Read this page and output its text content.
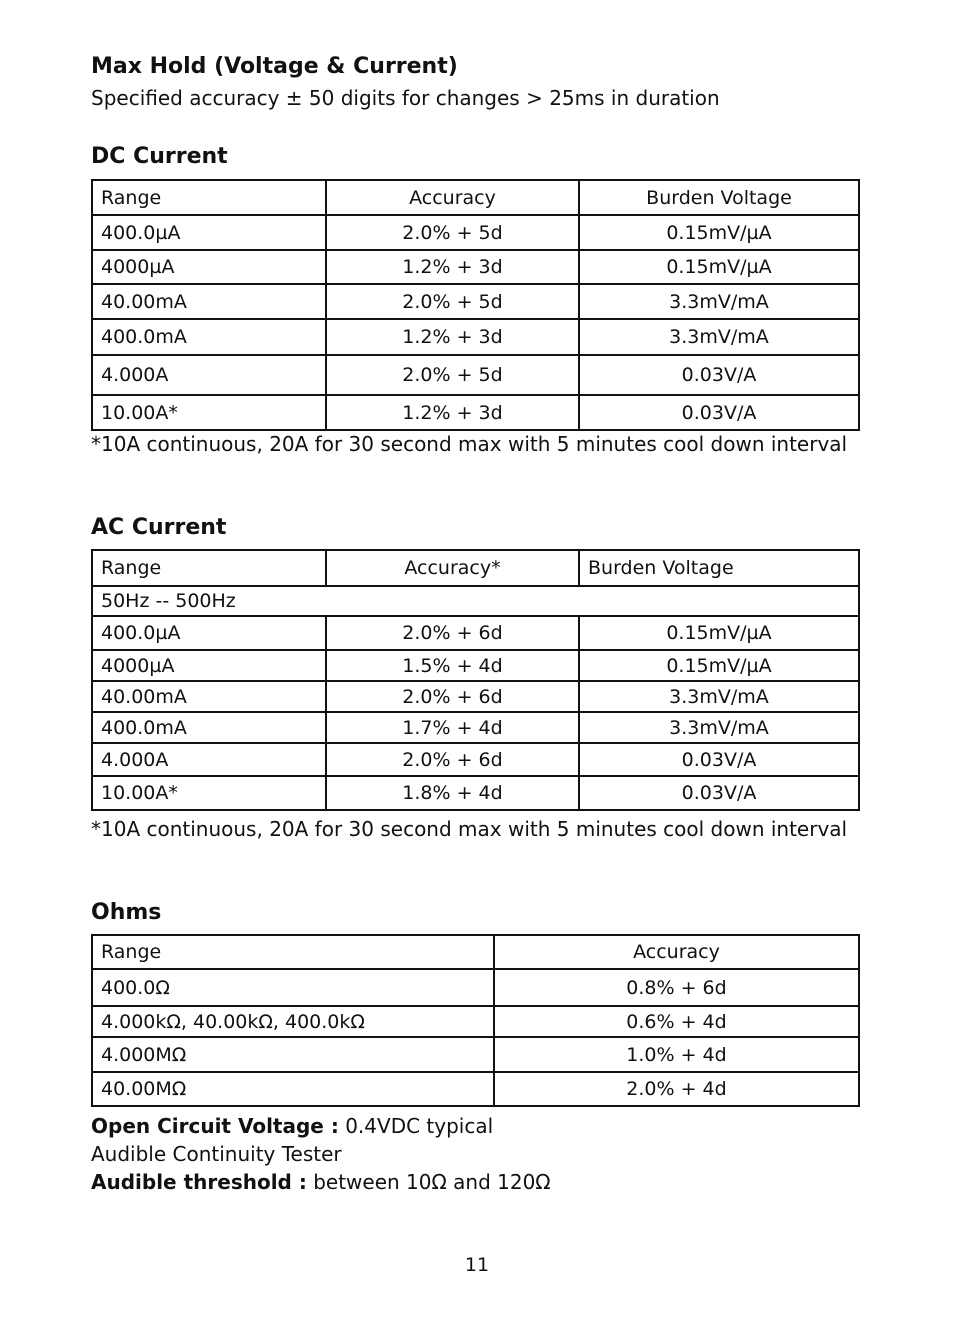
Max Hold (Voltage & Current)
Specified accuracy ± 50 digits for changes > 25ms in duration
DC Current
Range	Accuracy	Burden Voltage
400.0µA	2.0% + 5d	0.15mV/µA
4000µA	1.2% + 3d	0.15mV/µA
40.00mA	2.0% + 5d	3.3mV/mA
400.0mA	1.2% + 3d	3.3mV/mA
4.000A	2.0% + 5d	0.03V/A
10.00A*	1.2% + 3d	0.03V/A
*10A continuous, 20A for 30 second max with 5 minutes cool down interval
AC Current
Range	Accuracy*	Burden Voltage
50Hz -- 500Hz		
400.0µA	2.0% + 6d	0.15mV/µA
4000µA	1.5% + 4d	0.15mV/µA
40.00mA	2.0% + 6d	3.3mV/mA
400.0mA	1.7% + 4d	3.3mV/mA
4.000A	2.0% + 6d	0.03V/A
10.00A*	1.8% + 4d	0.03V/A
*10A continuous, 20A for 30 second max with 5 minutes cool down interval
Ohms
Range	Accuracy
400.0Ω	0.8% + 6d
4.000kΩ, 40.00kΩ, 400.0kΩ	0.6% + 4d
4.000MΩ	1.0% + 4d
40.00MΩ	2.0% + 4d
Open Circuit Voltage : 0.4VDC typical
Audible Continuity Tester
Audible threshold : between 10Ω and 120Ω
11
